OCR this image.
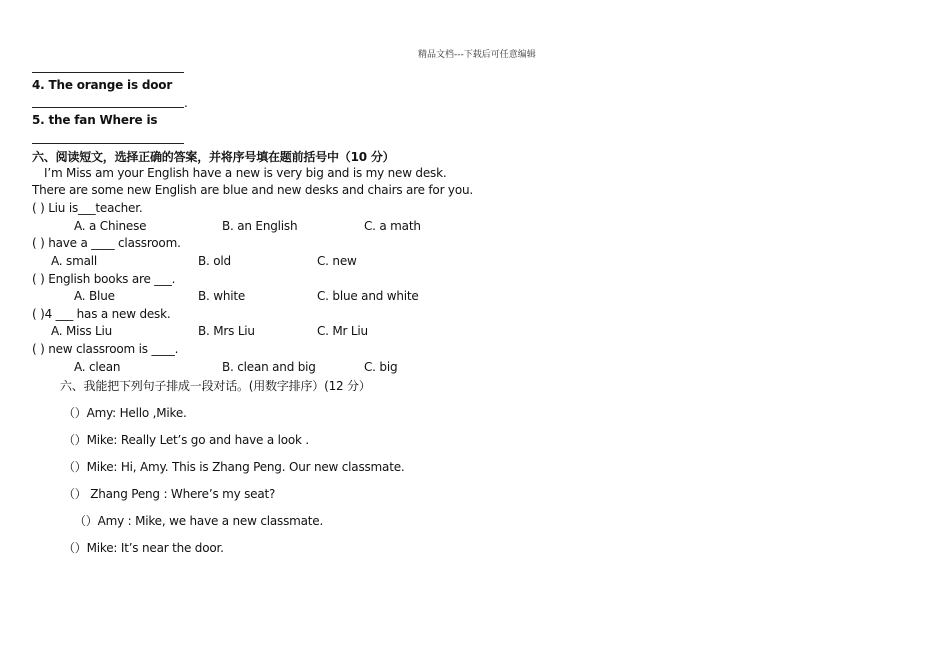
精品文档---下载后可任意编辑
4. The orange is door
.
5. the fan Where is
六、阅读短文，选择正确的答案，并将序号填在题前括号中（10 分）
I’m Miss am your English have a new is very big and is my new desk.
There are some new English are blue and new desks and chairs are for you.
( ) Liu is___teacher.
A. a Chinese	B. an English	C. a math
( ) have a ____ classroom.
A. small	B. old	C. new
( ) English books are ___.
A. Blue	B. white	C. blue and white
( )4 ___ has a new desk.
A. Miss Liu	B. Mrs Liu	C. Mr Liu
( ) new classroom is ____.
A. clean	B. clean and big	C. big
六、我能把下列句子排成一段对话。(用数字排序）(12 分）
（）Amy: Hello ,Mike.
（）Mike: Really Let’s go and have a look .
（）Mike: Hi, Amy. This is Zhang Peng. Our new classmate.
（） Zhang Peng : Where’s my seat?
（）Amy : Mike, we have a new classmate.
（）Mike: It’s near the door.
